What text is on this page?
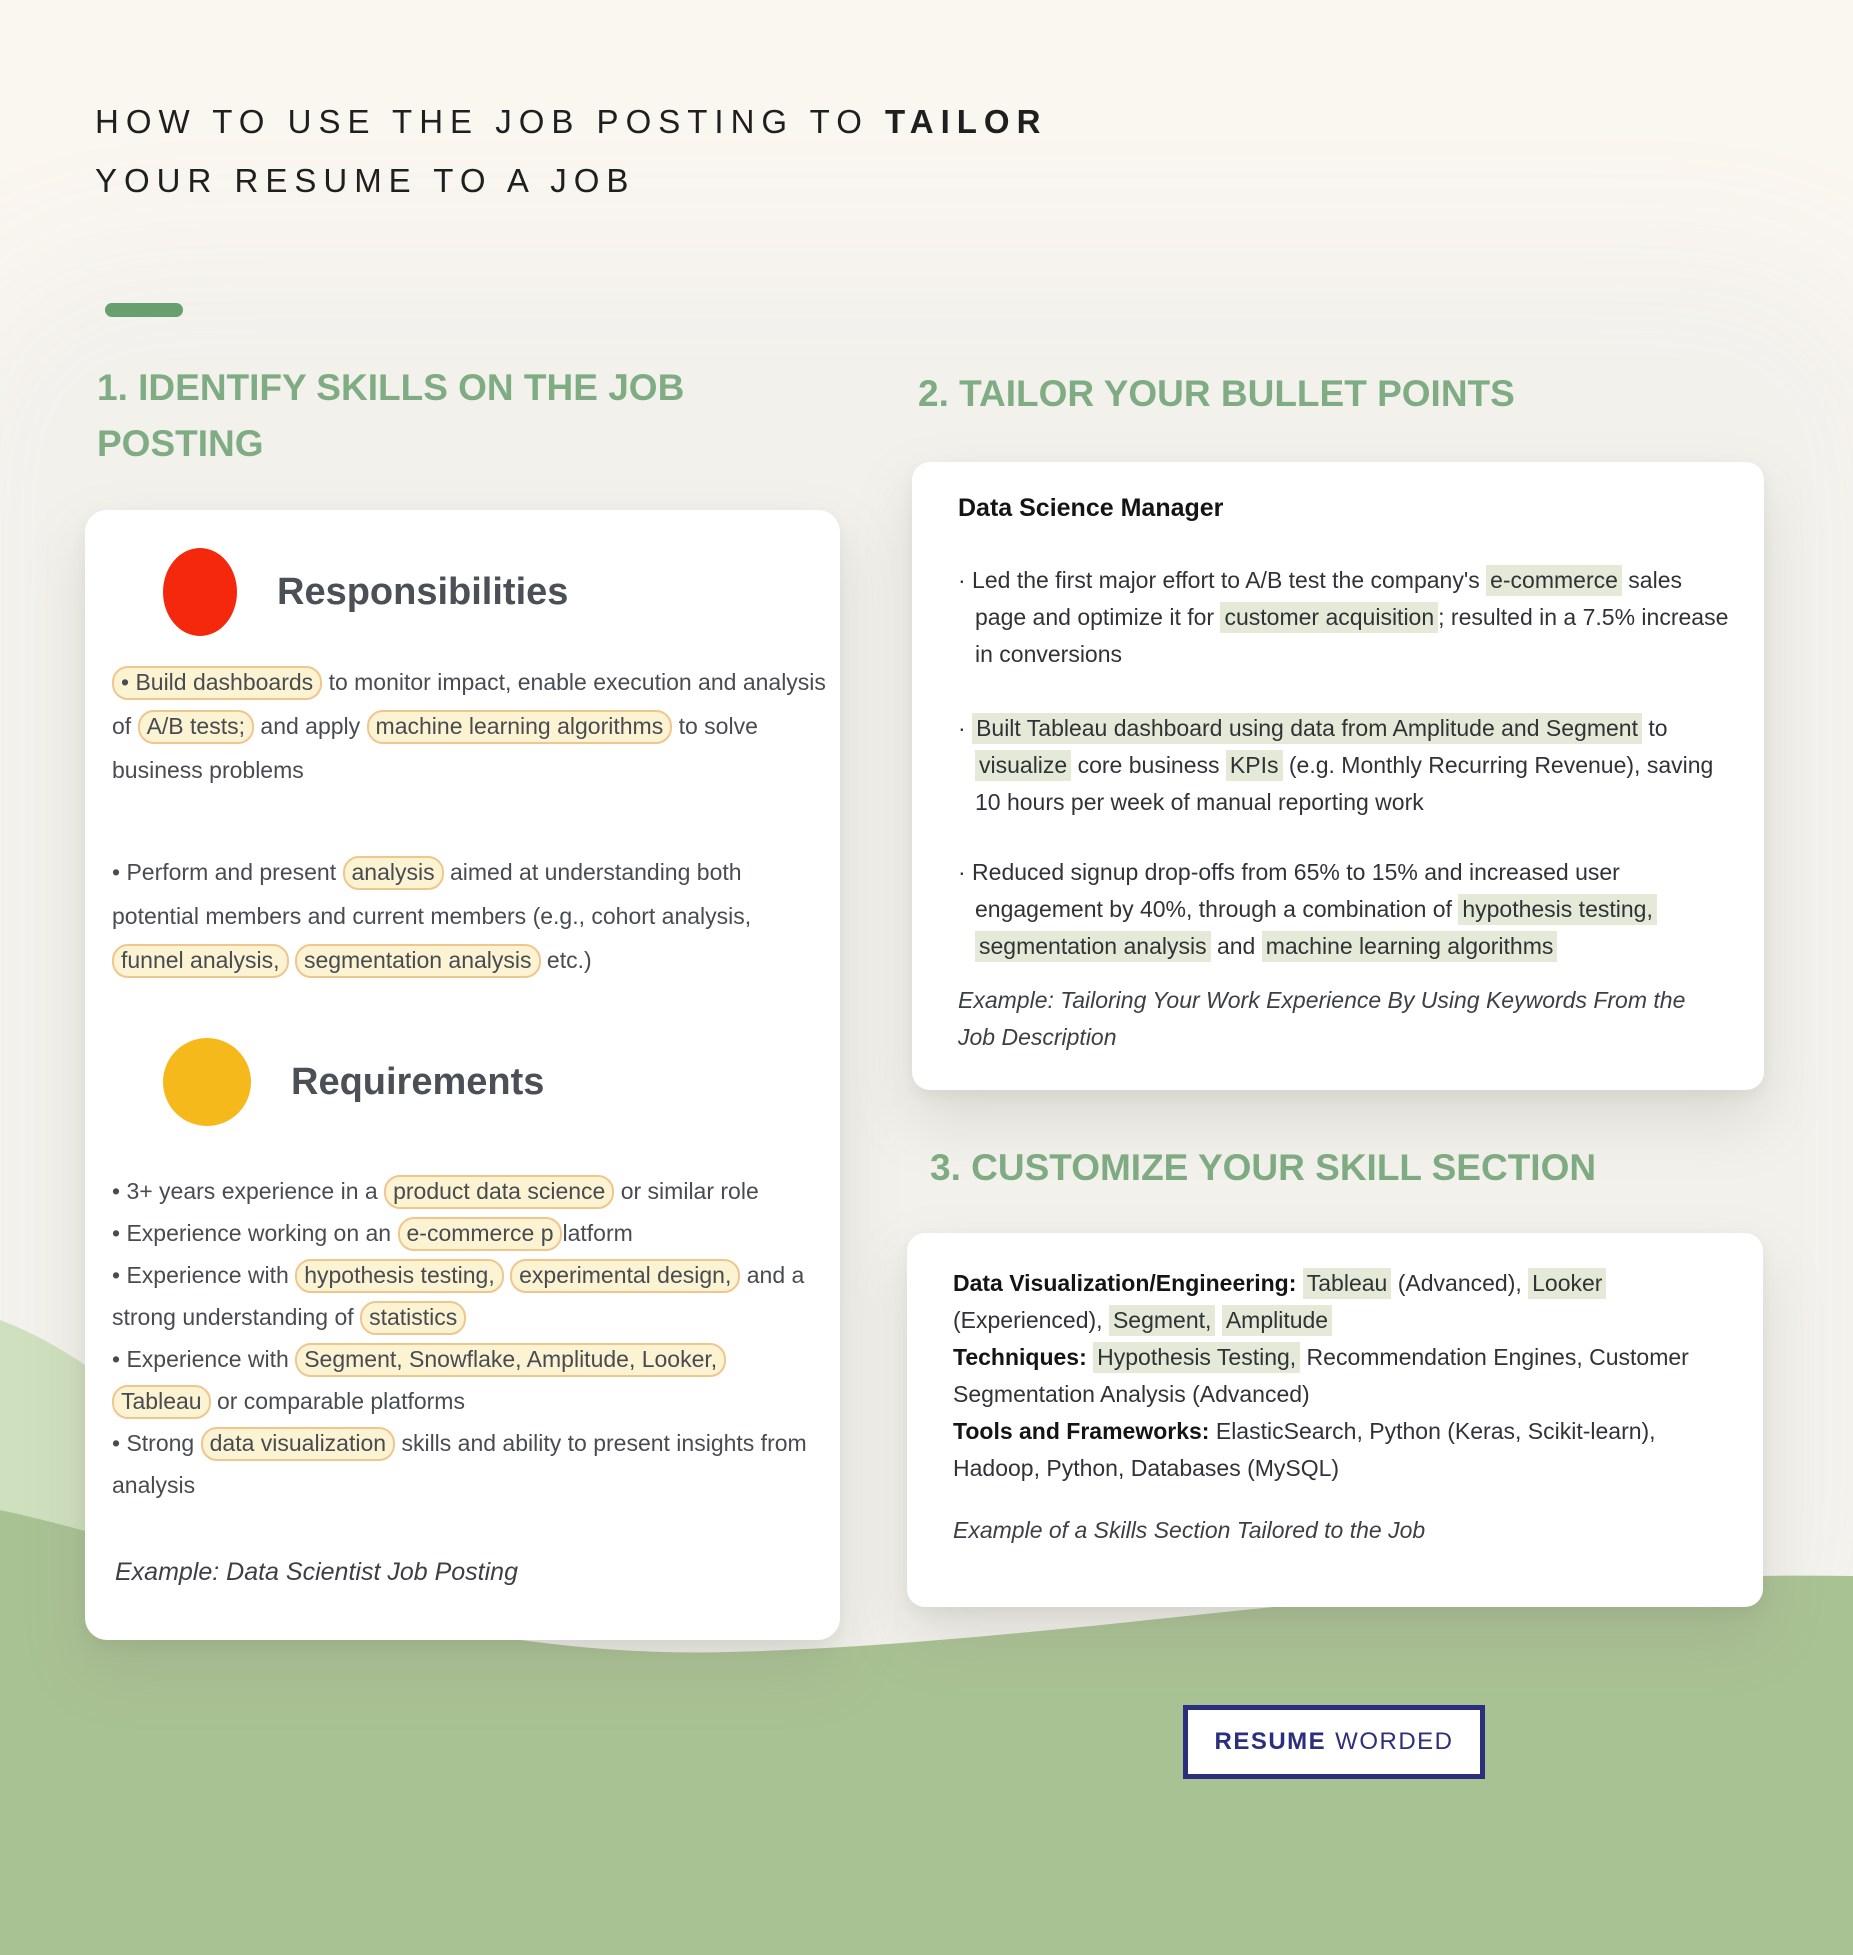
HOW TO USE THE JOB POSTING TO TAILOR
YOUR RESUME TO A JOB
1. IDENTIFY SKILLS ON THE JOB POSTING
2. TAILOR YOUR BULLET POINTS
3. CUSTOMIZE YOUR SKILL SECTION
Responsibilities

• Build dashboards to monitor impact, enable execution and analysis of A/B tests; and apply machine learning algorithms to solve business problems

• Perform and present analysis aimed at understanding both potential members and current members (e.g., cohort analysis, funnel analysis, segmentation analysis etc.)

Requirements

• 3+ years experience in a product data science or similar role

• Experience working on an e-commerce p latform

• Experience with hypothesis testing, experimental design, and a strong understanding of statistics

• Experience with Segment, Snowflake, Amplitude, Looker, Tableau or comparable platforms

• Strong data visualization skills and ability to present insights from analysis

Example: Data Scientist Job Posting

Data Science Manager

· Led the first major effort to A/B test the company's e-commerce sales page and optimize it for customer acquisition ; resulted in a 7.5% increase in conversions

· Built Tableau dashboard using data from Amplitude and Segment to visualize core business KPIs (e.g. Monthly Recurring Revenue), saving 10 hours per week of manual reporting work

· Reduced signup drop-offs from 65% to 15% and increased user engagement by 40%, through a combination of hypothesis testing, segmentation analysis and machine learning algorithms

Example: Tailoring Your Work Experience By Using Keywords From the Job Description

Data Visualization/Engineering: Tableau (Advanced), Looker (Experienced), Segment, Amplitude

Techniques: Hypothesis Testing, Recommendation Engines, Customer Segmentation Analysis (Advanced)

Tools and Frameworks: ElasticSearch, Python (Keras, Scikit-learn), Hadoop, Python, Databases (MySQL)

Example of a Skills Section Tailored to the Job

RESUME WORDED
